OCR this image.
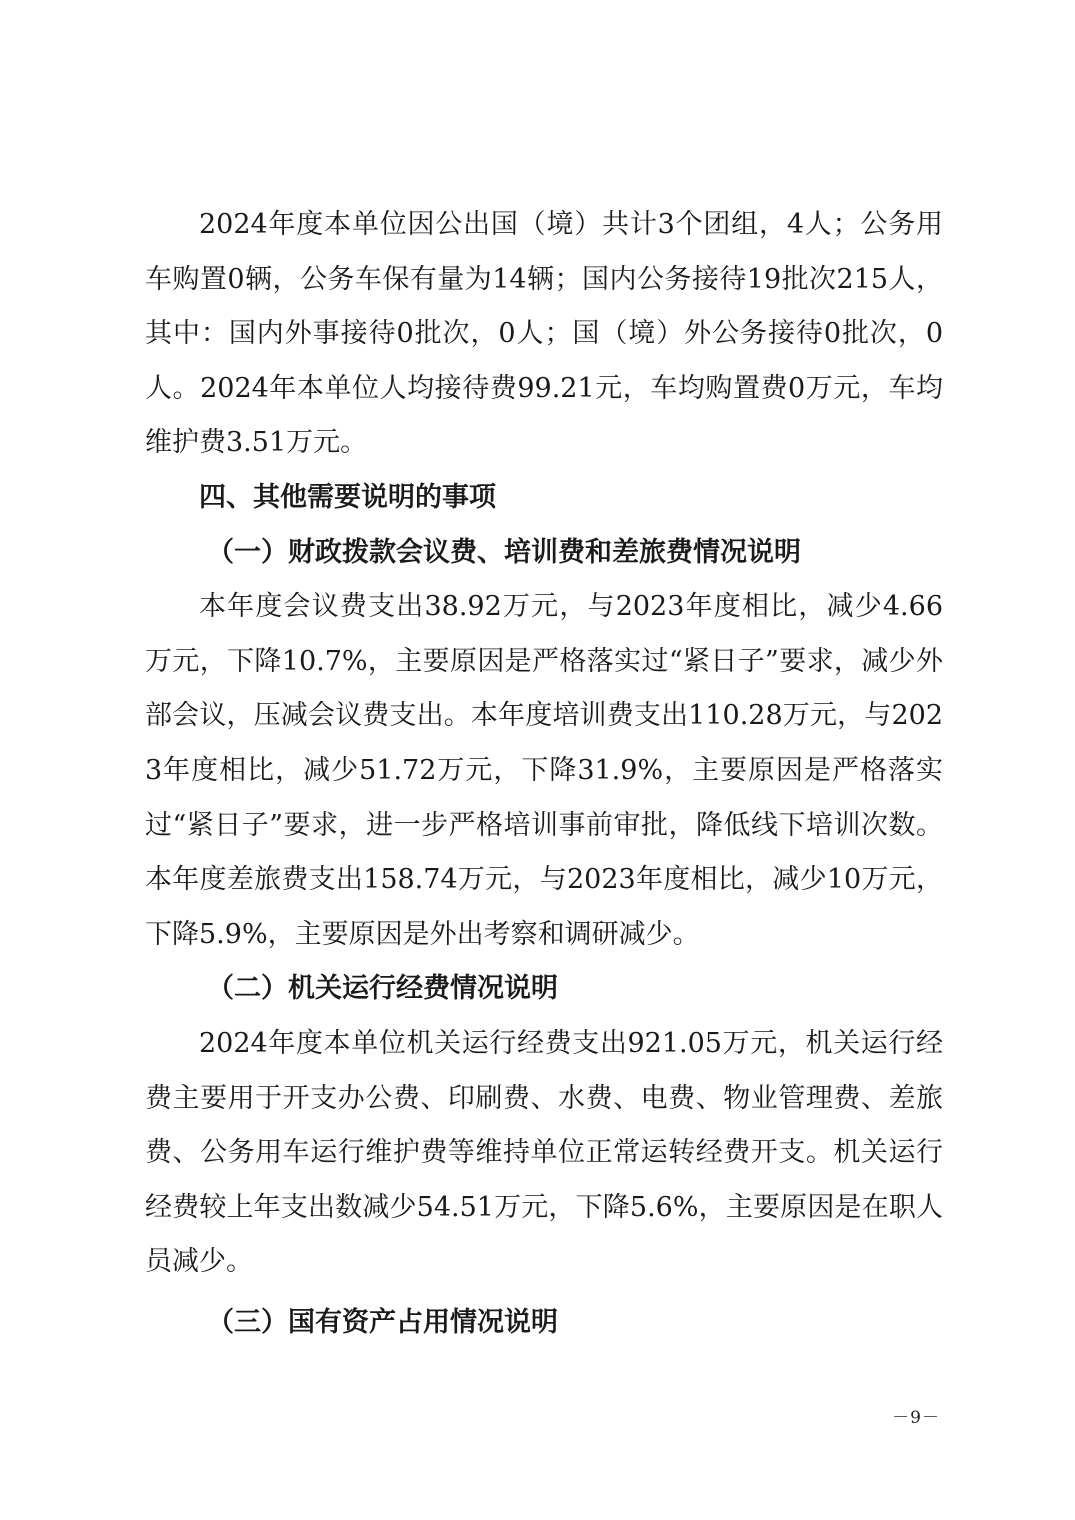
2024年度本单位因公出国（境）共计3个团组，4人；公务用车购置0辆，公务车保有量为14辆；国内公务接待19批次215人，其中：国内外事接待0批次，0人；国（境）外公务接待0批次，0人。2024年本单位人均接待费99.21元，车均购置费0万元，车均维护费3.51万元。

四、其他需要说明的事项

（一）财政拨款会议费、培训费和差旅费情况说明

本年度会议费支出38.92万元，与2023年度相比，减少4.66万元，下降10.7%，主要原因是严格落实过“紧日子”要求，减少外部会议，压减会议费支出。本年度培训费支出110.28万元，与2023年度相比，减少51.72万元，下降31.9%，主要原因是严格落实过“紧日子”要求，进一步严格培训事前审批，降低线下培训次数。本年度差旅费支出158.74万元，与2023年度相比，减少10万元，下降5.9%，主要原因是外出考察和调研减少。

（二）机关运行经费情况说明

2024年度本单位机关运行经费支出921.05万元，机关运行经费主要用于开支办公费、印刷费、水费、电费、物业管理费、差旅费、公务用车运行维护费等维持单位正常运转经费开支。机关运行经费较上年支出数减少54.51万元，下降5.6%，主要原因是在职人员减少。

（三）国有资产占用情况说明

－9－
